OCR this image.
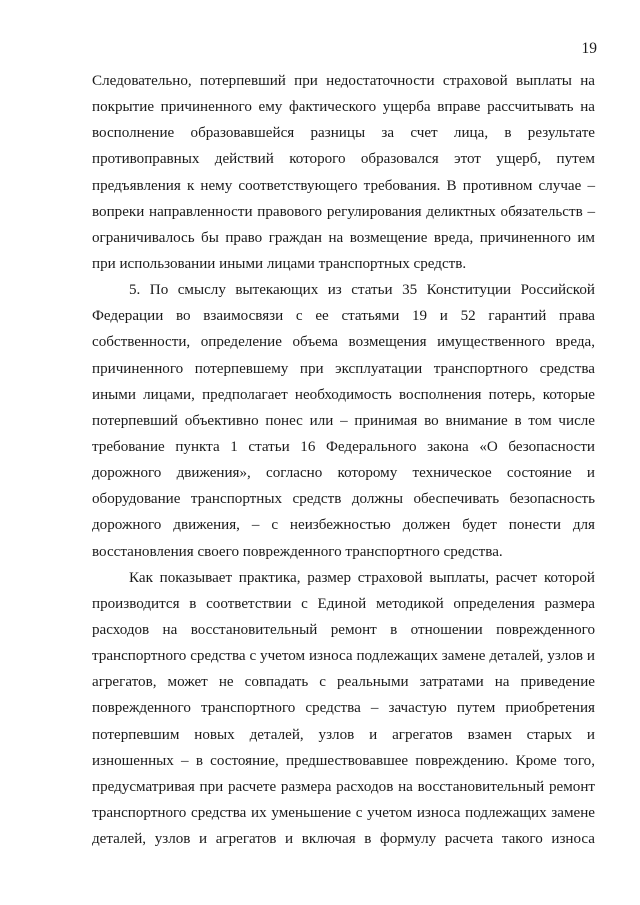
19
Следовательно, потерпевший при недостаточности страховой выплаты на
покрытие причиненного ему фактического ущерба вправе рассчитывать на
восполнение образовавшейся разницы за счет лица, в результате
противоправных действий которого образовался этот ущерб, путем
предъявления к нему соответствующего требования. В противном случае –
вопреки направленности правового регулирования деликтных обязательств –
ограничивалось бы право граждан на возмещение вреда, причиненного им
при использовании иными лицами транспортных средств.
5. По смыслу вытекающих из статьи 35 Конституции Российской
Федерации во взаимосвязи с ее статьями 19 и 52 гарантий права
собственности, определение объема возмещения имущественного вреда,
причиненного потерпевшему при эксплуатации транспортного средства
иными лицами, предполагает необходимость восполнения потерь, которые
потерпевший объективно понес или – принимая во внимание в том числе
требование пункта 1 статьи 16 Федерального закона «О безопасности
дорожного движения», согласно которому техническое состояние и
оборудование транспортных средств должны обеспечивать безопасность
дорожного движения, – с неизбежностью должен будет понести для
восстановления своего поврежденного транспортного средства.
Как показывает практика, размер страховой выплаты, расчет которой
производится в соответствии с Единой методикой определения размера
расходов на восстановительный ремонт в отношении поврежденного
транспортного средства с учетом износа подлежащих замене деталей, узлов и
агрегатов, может не совпадать с реальными затратами на приведение
поврежденного транспортного средства – зачастую путем приобретения
потерпевшим новых деталей, узлов и агрегатов взамен старых и
изношенных – в состояние, предшествовавшее повреждению. Кроме того,
предусматривая при расчете размера расходов на восстановительный ремонт
транспортного средства их уменьшение с учетом износа подлежащих замене
деталей, узлов и агрегатов и включая в формулу расчета такого износа
